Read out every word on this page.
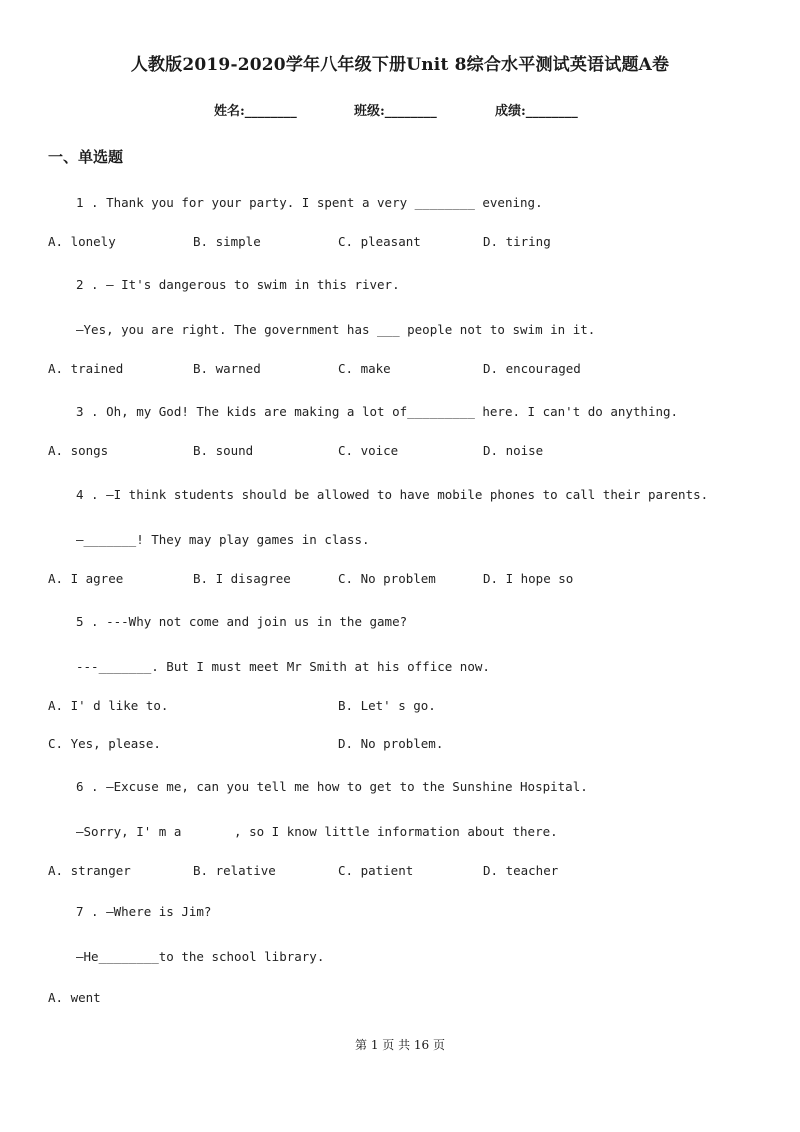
人教版2019-2020学年八年级下册Unit 8综合水平测试英语试题A卷
姓名:________	班级:________	成绩:________
一、单选题
1 . Thank you for your party. I spent a very ________ evening.
A. lonely	B. simple	C. pleasant	D. tiring
2 . — It's dangerous to swim in this river.
—Yes, you are right. The government has ___ people not to swim in it.
A. trained	B. warned	C. make	D. encouraged
3 . Oh, my God! The kids are making a lot of_________ here. I can't do anything.
A. songs	B. sound	C. voice	D. noise
4 . —I think students should be allowed to have mobile phones to call their parents.
—_______! They may play games in class.
A. I agree	B. I disagree	C. No problem	D. I hope so
5 . ---Why not come and join us in the game?
---_______. But I must meet Mr Smith at his office now.
A. I' d like to.	B. Let' s go.
C. Yes, please.	D. No problem.
6 . —Excuse me, can you tell me how to get to the Sunshine Hospital.
—Sorry, I' m a       , so I know little information about there.
A. stranger	B. relative	C. patient	D. teacher
7 . —Where is Jim?
—He________to the school library.
A. went
第 1 页 共 16 页
